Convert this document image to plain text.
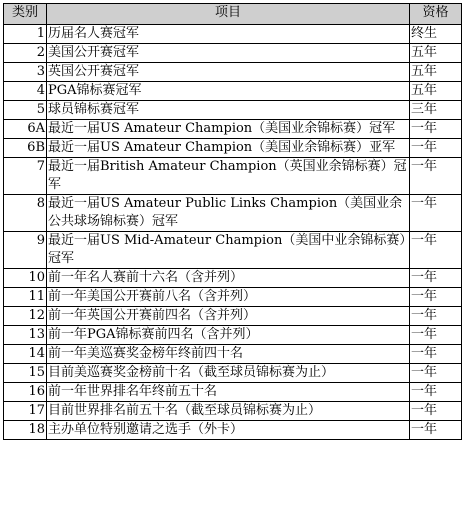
类别	项目	资格
1	历届名人赛冠军	终生
2	美国公开赛冠军	五年
3	英国公开赛冠军	五年
4	PGA锦标赛冠军	五年
5	球员锦标赛冠军	三年
6A	最近一届US Amateur Champion（美国业余锦标赛）冠军	一年
6B	最近一届US Amateur Champion（美国业余锦标赛）亚军	一年
7	最近一届British Amateur Champion（英国业余锦标赛）冠军	一年
8	最近一届US Amateur Public Links Champion（美国业余公共球场锦标赛）冠军	一年
9	最近一届US Mid-Amateur Champion（美国中业余锦标赛）冠军	一年
10	前一年名人赛前十六名（含并列）	一年
11	前一年美国公开赛前八名（含并列）	一年
12	前一年英国公开赛前四名（含并列）	一年
13	前一年PGA锦标赛前四名（含并列）	一年
14	前一年美巡赛奖金榜年终前四十名	一年
15	目前美巡赛奖金榜前十名（截至球员锦标赛为止）	一年
16	前一年世界排名年终前五十名	一年
17	目前世界排名前五十名（截至球员锦标赛为止）	一年
18	主办单位特别邀请之选手（外卡）	一年
